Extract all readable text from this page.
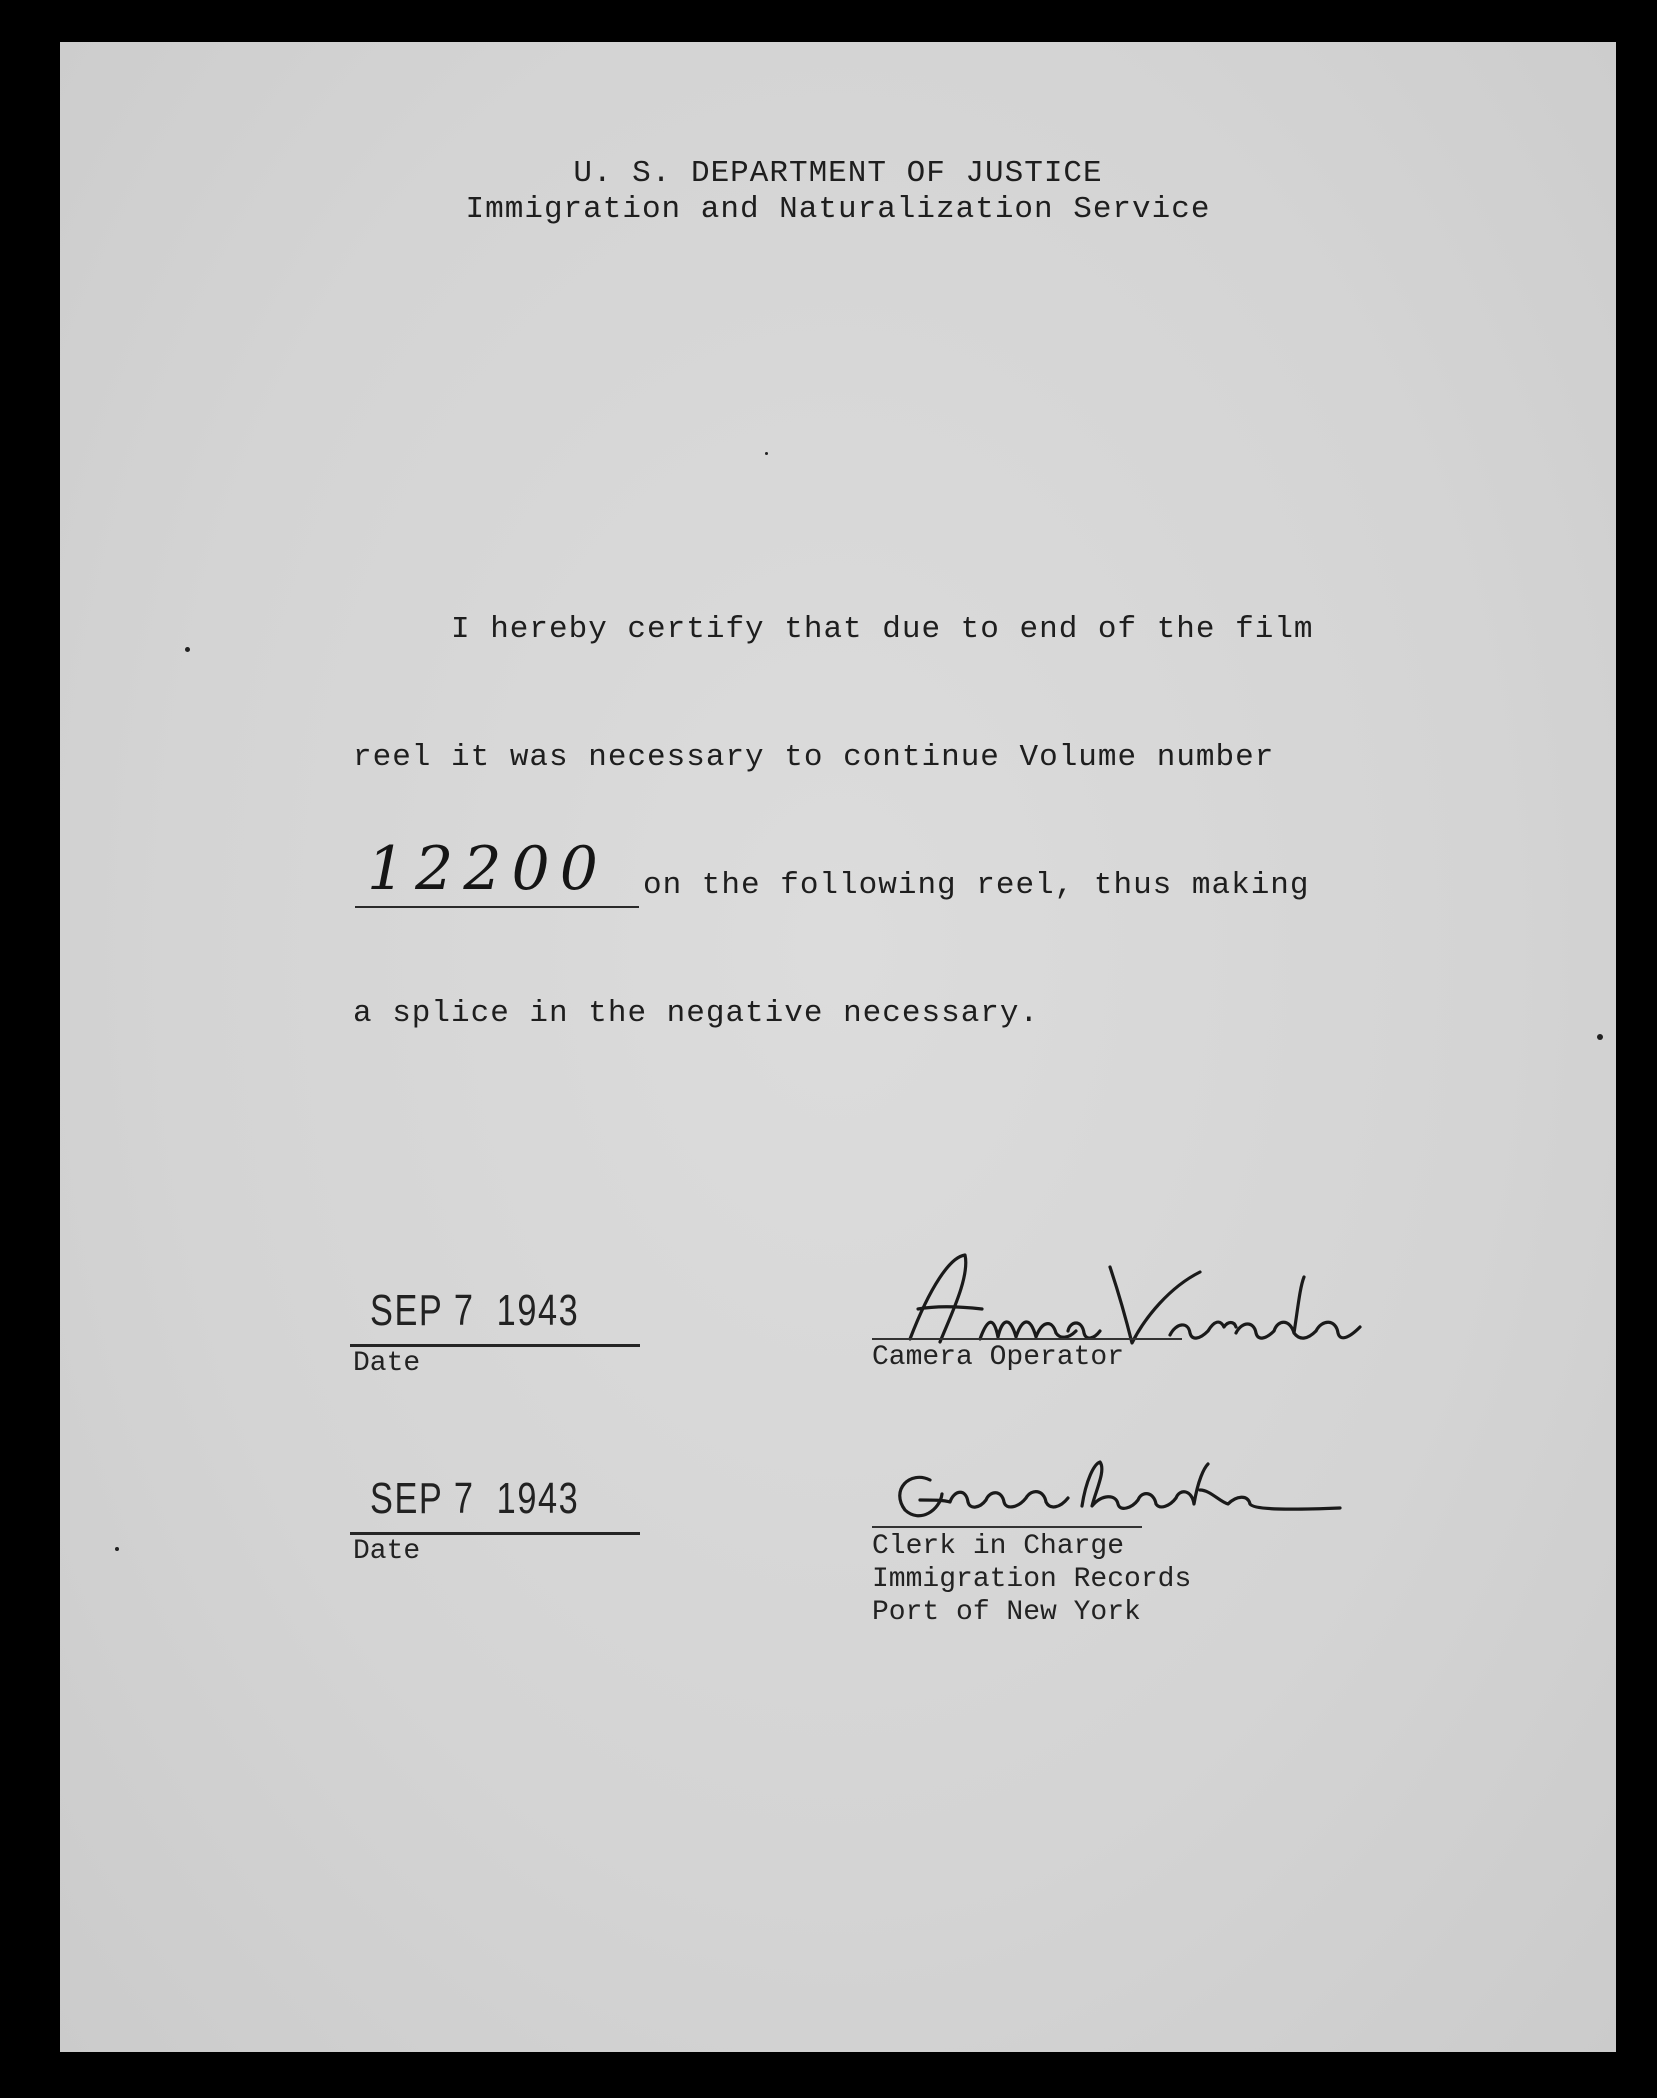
U. S. DEPARTMENT OF JUSTICE
Immigration and Naturalization Service
I hereby certify that due to end of the film
reel it was necessary to continue Volume number
12200 on the following reel, thus making
a splice in the negative necessary.
SEP 7  1943
Date
SEP 7  1943
Date
Camera Operator
Clerk in Charge
Immigration Records
Port of New York
